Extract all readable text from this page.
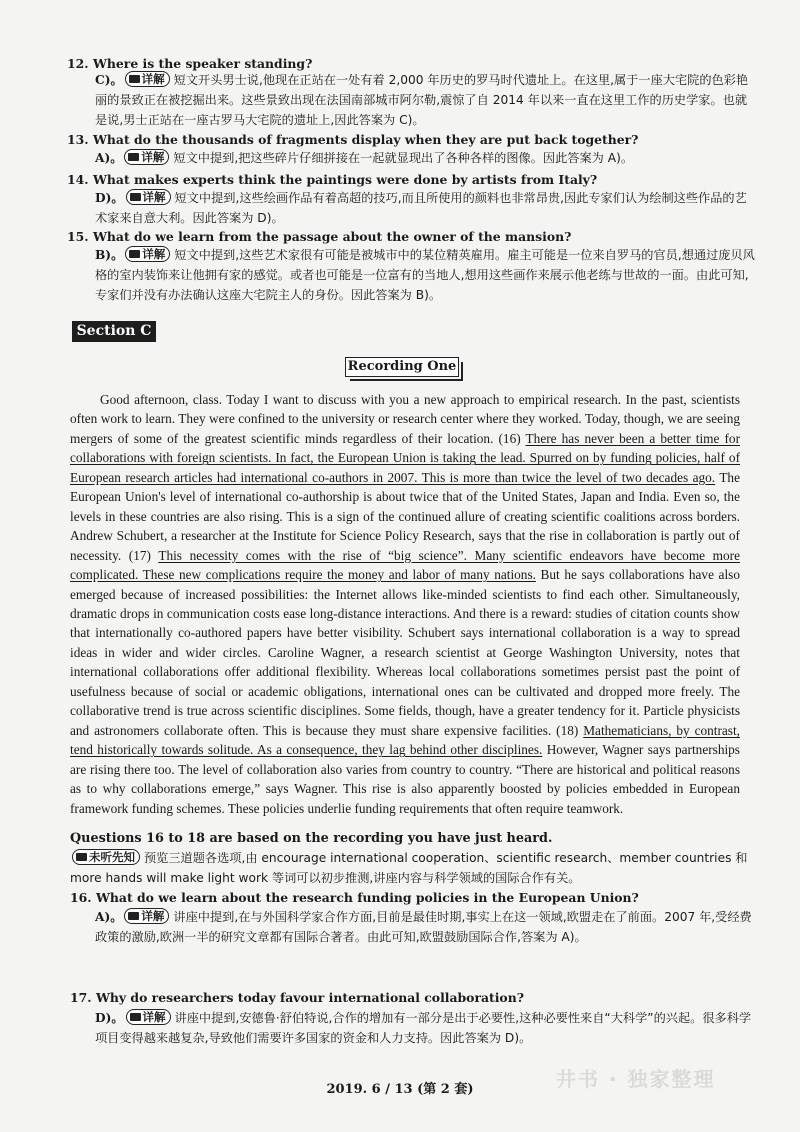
12. Where is the speaker standing?
C)。 详解 短文开头男士说,他现在正站在一处有着 2,000 年历史的罗马时代遗址上。在这里,属于一座大宅院的色彩艳丽的景致正在被挖掘出来。这些景致出现在法国南部城市阿尔勒,震惊了自 2014 年以来一直在这里工作的历史学家。也就是说,男士正站在一座古罗马大宅院的遗址上,因此答案为 C)。
13. What do the thousands of fragments display when they are put back together?
A)。 详解 短文中提到,把这些碎片仔细拼接在一起就显现出了各种各样的图像。因此答案为 A)。
14. What makes experts think the paintings were done by artists from Italy?
D)。 详解 短文中提到,这些绘画作品有着高超的技巧,而且所使用的颜料也非常昂贵,因此专家们认为绘制这些作品的艺术家来自意大利。因此答案为 D)。
15. What do we learn from the passage about the owner of the mansion?
B)。 详解 短文中提到,这些艺术家很有可能是被城市中的某位精英雇用。雇主可能是一位来自罗马的官员,想通过庞贝风格的室内装饰来让他拥有家的感觉。或者也可能是一位富有的当地人,想用这些画作来展示他老练与世故的一面。由此可知,专家们并没有办法确认这座大宅院主人的身份。因此答案为 B)。
Section C
Recording One
Good afternoon, class. Today I want to discuss with you a new approach to empirical research. In the past, scientists often work to learn. They were confined to the university or research center where they worked. Today, though, we are seeing mergers of some of the greatest scientific minds regardless of their location. (16) There has never been a better time for collaborations with foreign scientists. In fact, the European Union is taking the lead. Spurred on by funding policies, half of European research articles had international co-authors in 2007. This is more than twice the level of two decades ago. The European Union's level of international co-authorship is about twice that of the United States, Japan and India. Even so, the levels in these countries are also rising. This is a sign of the continued allure of creating scientific coalitions across borders. Andrew Schubert, a researcher at the Institute for Science Policy Research, says that the rise in collaboration is partly out of necessity. (17) This necessity comes with the rise of “big science”. Many scientific endeavors have become more complicated. These new complications require the money and labor of many nations. But he says collaborations have also emerged because of increased possibilities: the Internet allows like-minded scientists to find each other. Simultaneously, dramatic drops in communication costs ease long-distance interactions. And there is a reward: studies of citation counts show that internationally co-authored papers have better visibility. Schubert says international collaboration is a way to spread ideas in wider and wider circles. Caroline Wagner, a research scientist at George Washington University, notes that international collaborations offer additional flexibility. Whereas local collaborations sometimes persist past the point of usefulness because of social or academic obligations, international ones can be cultivated and dropped more freely. The collaborative trend is true across scientific disciplines. Some fields, though, have a greater tendency for it. Particle physicists and astronomers collaborate often. This is because they must share expensive facilities. (18) Mathematicians, by contrast, tend historically towards solitude. As a consequence, they lag behind other disciplines. However, Wagner says partnerships are rising there too. The level of collaboration also varies from country to country. “There are historical and political reasons as to why collaborations emerge,” says Wagner. This rise is also apparently boosted by policies embedded in European framework funding schemes. These policies underlie funding requirements that often require teamwork.
Questions 16 to 18 are based on the recording you have just heard.
未听先知 预览三道题各选项,由 encourage international cooperation、scientific research、member countries 和 more hands will make light work 等词可以初步推测,讲座内容与科学领域的国际合作有关。
16. What do we learn about the research funding policies in the European Union?
A)。 详解 讲座中提到,在与外国科学家合作方面,目前是最佳时期,事实上在这一领域,欧盟走在了前面。2007 年,受经费政策的激励,欧洲一半的研究文章都有国际合著者。由此可知,欧盟鼓励国际合作,答案为 A)。
17. Why do researchers today favour international collaboration?
D)。 详解 讲座中提到,安德鲁·舒伯特说,合作的增加有一部分是出于必要性,这种必要性来自“大科学”的兴起。很多科学项目变得越来越复杂,导致他们需要许多国家的资金和人力支持。因此答案为 D)。
井书 · 独家整理
2019. 6 / 13 (第 2 套)
